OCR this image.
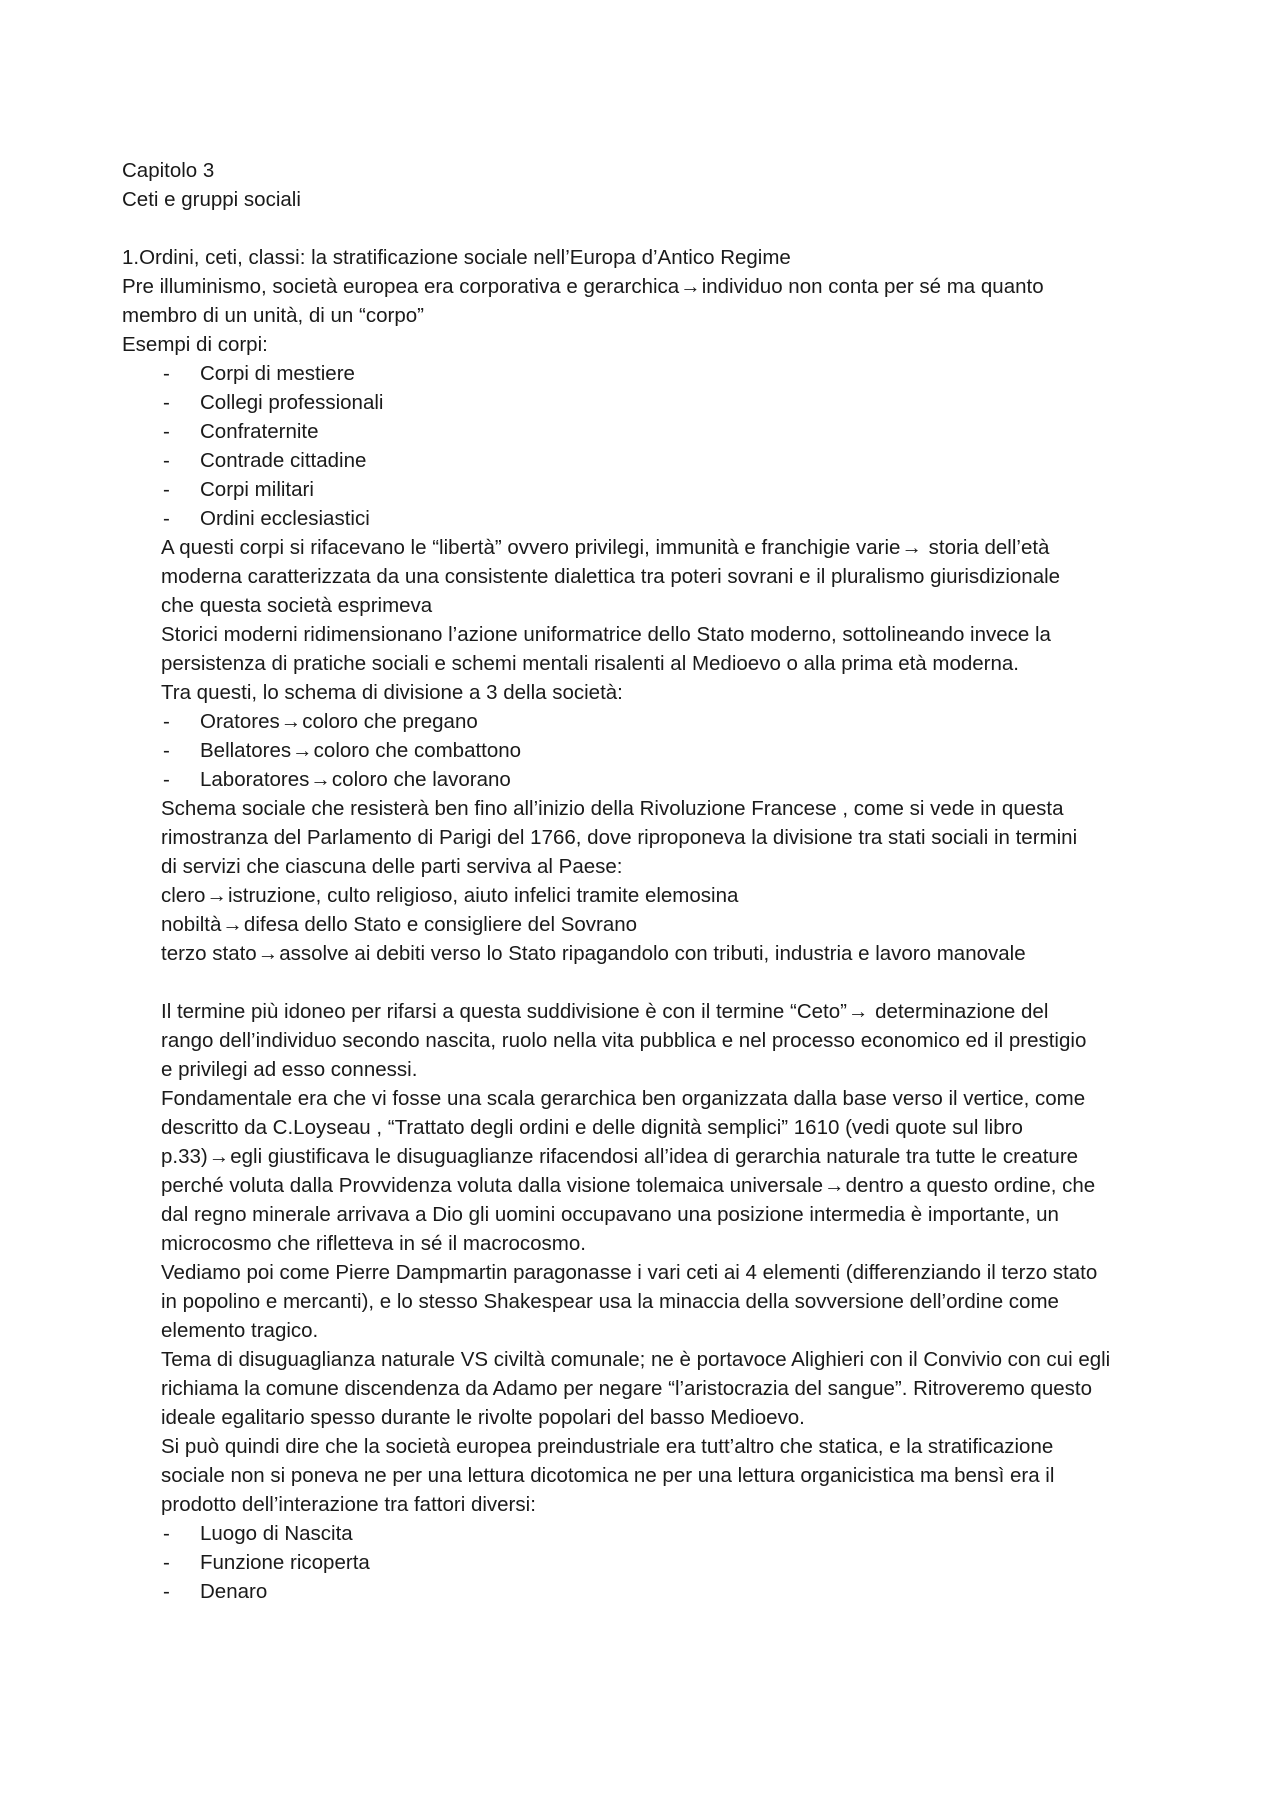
Capitolo 3
Ceti e gruppi sociali
1.Ordini, ceti, classi: la stratificazione sociale nell’Europa d’Antico Regime
Pre illuminismo, società europea era corporativa e gerarchica→individuo non conta per sé ma quanto
membro di un unità, di un “corpo”
Esempi di corpi:
- Corpi di mestiere
- Collegi professionali
- Confraternite
- Contrade cittadine
- Corpi militari
- Ordini ecclesiastici
A questi corpi si rifacevano le “libertà” ovvero privilegi, immunità e franchigie varie→ storia dell’età
moderna caratterizzata da una consistente dialettica tra poteri sovrani e il pluralismo giurisdizionale
che questa società esprimeva
Storici moderni ridimensionano l’azione uniformatrice dello Stato moderno, sottolineando invece la
persistenza di pratiche sociali e schemi mentali risalenti al Medioevo o alla prima età moderna.
Tra questi, lo schema di divisione a 3 della società:
- Oratores→coloro che pregano
- Bellatores→coloro che combattono
- Laboratores→coloro che lavorano
Schema sociale che resisterà ben fino all’inizio della Rivoluzione Francese , come si vede in questa
rimostranza del Parlamento di Parigi del 1766, dove riproponeva la divisione tra stati sociali in termini
di servizi che ciascuna delle parti serviva al Paese:
clero→istruzione, culto religioso, aiuto infelici tramite elemosina
nobiltà→difesa dello Stato e consigliere del Sovrano
terzo stato→assolve ai debiti verso lo Stato ripagandolo con tributi, industria e lavoro manovale
Il termine più idoneo per rifarsi a questa suddivisione è con il termine “Ceto”→ determinazione del
rango dell’individuo secondo nascita, ruolo nella vita pubblica e nel processo economico ed il prestigio
e privilegi ad esso connessi.
Fondamentale era che vi fosse una scala gerarchica ben organizzata dalla base verso il vertice, come
descritto da C.Loyseau , “Trattato degli ordini e delle dignità semplici” 1610 (vedi quote sul libro
p.33)→egli giustificava le disuguaglianze rifacendosi all’idea di gerarchia naturale tra tutte le creature
perché voluta dalla Provvidenza voluta dalla visione tolemaica universale→dentro a questo ordine, che
dal regno minerale arrivava a Dio gli uomini occupavano una posizione intermedia è importante, un
microcosmo che rifletteva in sé il macrocosmo.
Vediamo poi come Pierre Dampmartin paragonasse i vari ceti ai 4 elementi (differenziando il terzo stato
in popolino e mercanti), e lo stesso Shakespear usa la minaccia della sovversione dell’ordine come
elemento tragico.
Tema di disuguaglianza naturale VS civiltà comunale; ne è portavoce Alighieri con il Convivio con cui egli
richiama la comune discendenza da Adamo per negare “l’aristocrazia del sangue”. Ritroveremo questo
ideale egalitario spesso durante le rivolte popolari del basso Medioevo.
Si può quindi dire che la società europea preindustriale era tutt’altro che statica, e la stratificazione
sociale non si poneva ne per una lettura dicotomica ne per una lettura organicistica ma bensì era il
prodotto dell’interazione tra fattori diversi:
- Luogo di Nascita
- Funzione ricoperta
- Denaro
